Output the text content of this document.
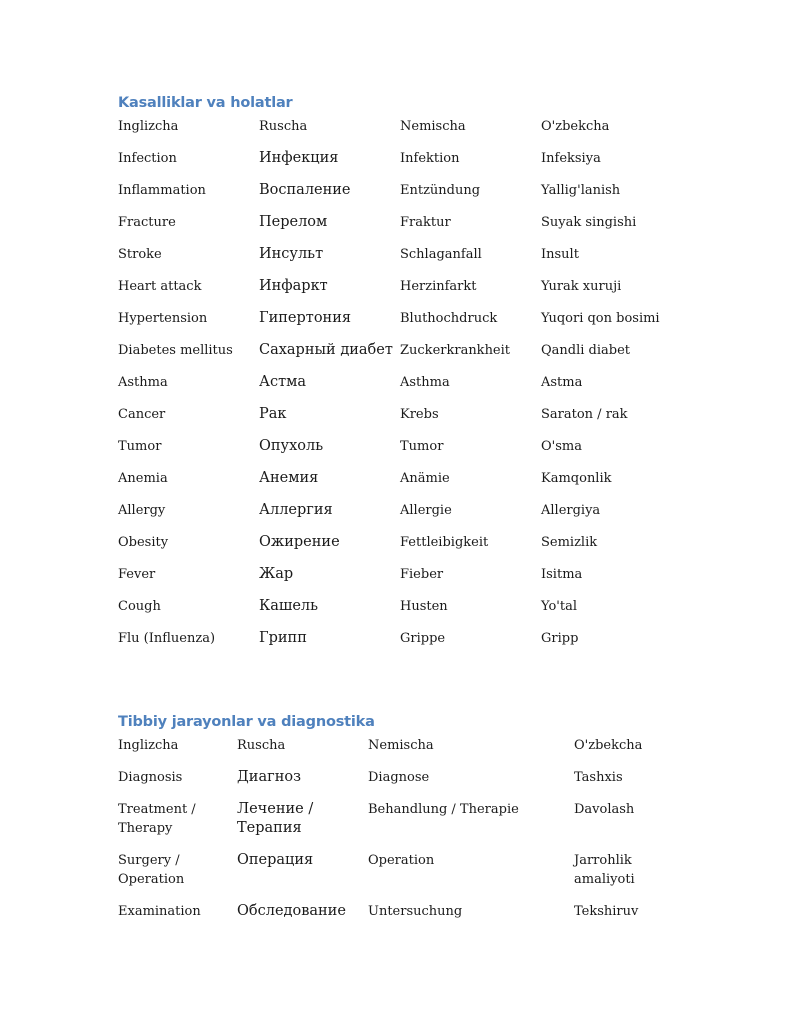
Kasalliklar va holatlar
Inglizcha	Ruscha	Nemischa	O'zbekcha
Infection	Инфекция	Infektion	Infeksiya
Inflammation	Воспаление	Entzündung	Yallig'lanish
Fracture	Перелом	Fraktur	Suyak singishi
Stroke	Инсульт	Schlaganfall	Insult
Heart attack	Инфаркт	Herzinfarkt	Yurak xuruji
Hypertension	Гипертония	Bluthochdruck	Yuqori qon bosimi
Diabetes mellitus	Сахарный диабет	Zuckerkrankheit	Qandli diabet
Asthma	Астма	Asthma	Astma
Cancer	Рак	Krebs	Saraton / rak
Tumor	Опухоль	Tumor	O'sma
Anemia	Анемия	Anämie	Kamqonlik
Allergy	Аллергия	Allergie	Allergiya
Obesity	Ожирение	Fettleibigkeit	Semizlik
Fever	Жар	Fieber	Isitma
Cough	Кашель	Husten	Yo'tal
Flu (Influenza)	Грипп	Grippe	Gripp
Tibbiy jarayonlar va diagnostika
Inglizcha	Ruscha	Nemischa	O'zbekcha
Diagnosis	Диагноз	Diagnose	Tashxis
Treatment / Therapy	Лечение / Терапия	Behandlung / Therapie	Davolash
Surgery / Operation	Операция	Operation	Jarrohlik amaliyoti
Examination	Обследование	Untersuchung	Tekshiruv
